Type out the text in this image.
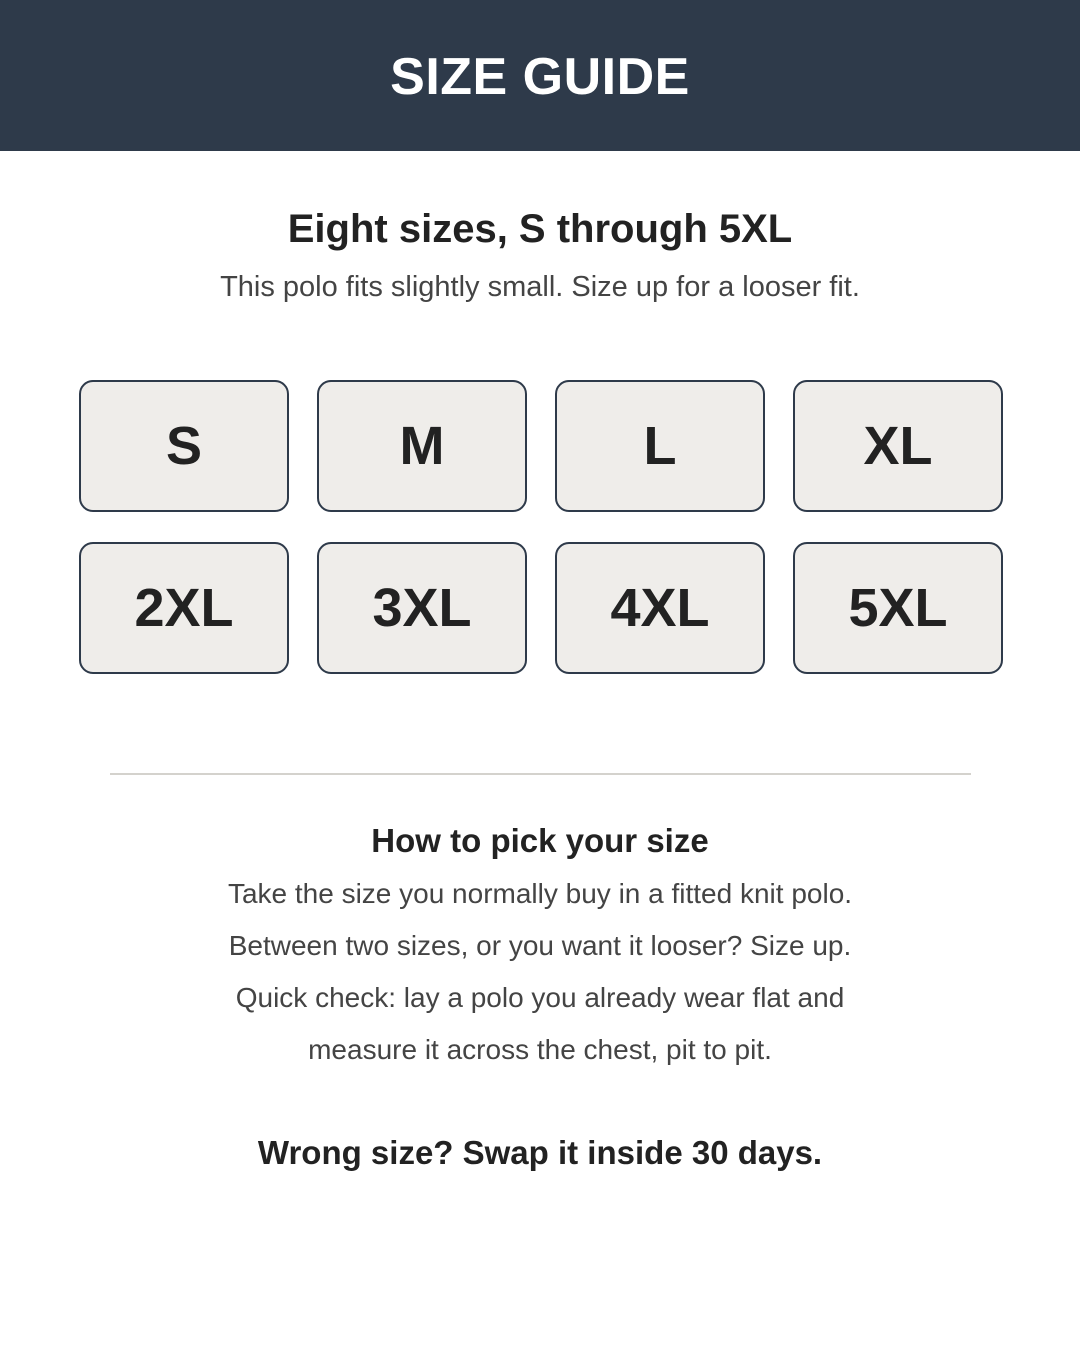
SIZE GUIDE
Eight sizes, S through 5XL
This polo fits slightly small. Size up for a looser fit.
S	M	L	XL
2XL	3XL	4XL	5XL
How to pick your size
Take the size you normally buy in a fitted knit polo.
Between two sizes, or you want it looser? Size up.
Quick check: lay a polo you already wear flat and
measure it across the chest, pit to pit.
Wrong size? Swap it inside 30 days.
